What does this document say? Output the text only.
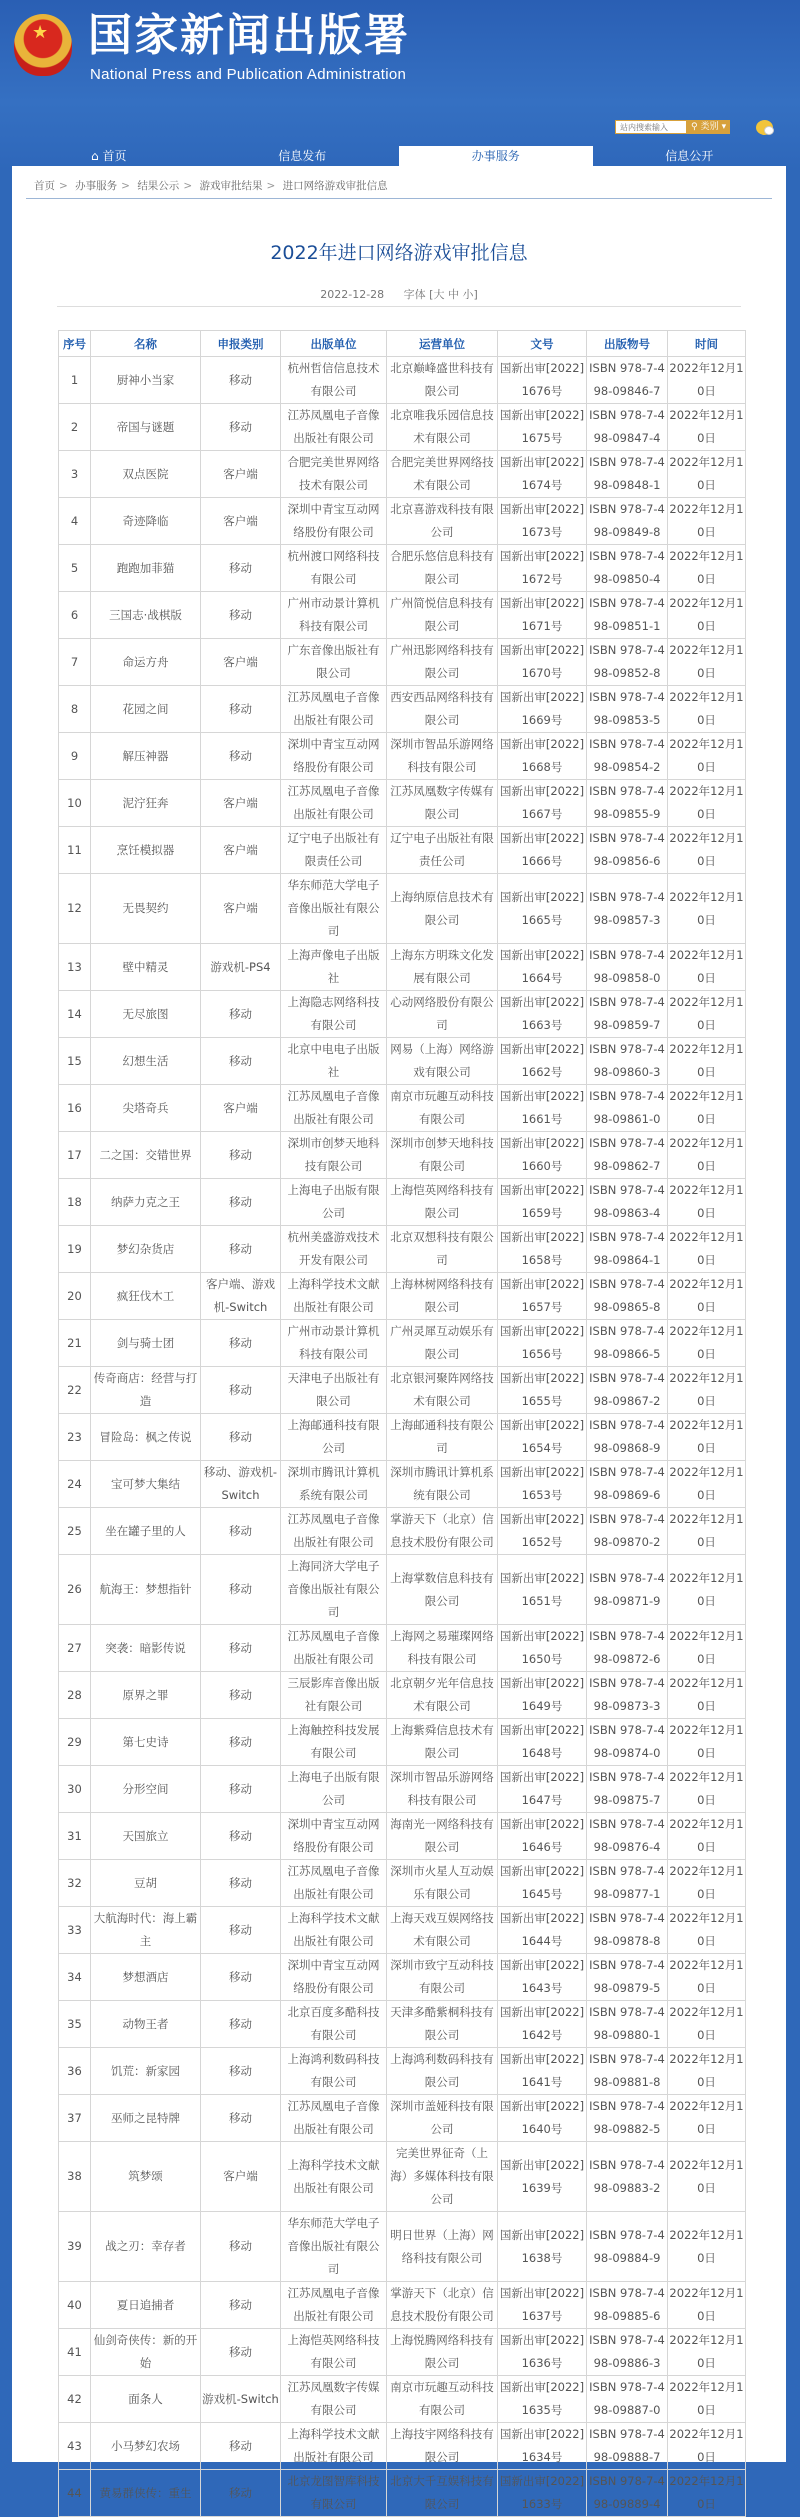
★ 国家新闻出版署
National Press and Publication Administration
站内搜索输入
⚲ 类别 ▾
⌂ 首页	信息发布	办事服务	信息公开
首页 > 办事服务 > 结果公示 > 游戏审批结果 > 进口网络游戏审批信息
2022年进口网络游戏审批信息
2022-12-28 字体 [大 中 小]
序号	名称	申报类别	出版单位	运营单位	文号	出版物号	时间
1	厨神小当家	移动	杭州哲信信息技术有限公司	北京巅峰盛世科技有限公司	国新出审[2022]1676号	ISBN 978-7-498-09846-7	2022年12月10日
2	帝国与谜题	移动	江苏凤凰电子音像出版社有限公司	北京唯我乐园信息技术有限公司	国新出审[2022]1675号	ISBN 978-7-498-09847-4	2022年12月10日
3	双点医院	客户端	合肥完美世界网络技术有限公司	合肥完美世界网络技术有限公司	国新出审[2022]1674号	ISBN 978-7-498-09848-1	2022年12月10日
4	奇迹降临	客户端	深圳中青宝互动网络股份有限公司	北京喜游戏科技有限公司	国新出审[2022]1673号	ISBN 978-7-498-09849-8	2022年12月10日
5	跑跑加菲猫	移动	杭州渡口网络科技有限公司	合肥乐悠信息科技有限公司	国新出审[2022]1672号	ISBN 978-7-498-09850-4	2022年12月10日
6	三国志·战棋版	移动	广州市动景计算机科技有限公司	广州简悦信息科技有限公司	国新出审[2022]1671号	ISBN 978-7-498-09851-1	2022年12月10日
7	命运方舟	客户端	广东音像出版社有限公司	广州迅影网络科技有限公司	国新出审[2022]1670号	ISBN 978-7-498-09852-8	2022年12月10日
8	花园之间	移动	江苏凤凰电子音像出版社有限公司	西安西品网络科技有限公司	国新出审[2022]1669号	ISBN 978-7-498-09853-5	2022年12月10日
9	解压神器	移动	深圳中青宝互动网络股份有限公司	深圳市智品乐游网络科技有限公司	国新出审[2022]1668号	ISBN 978-7-498-09854-2	2022年12月10日
10	泥泞狂奔	客户端	江苏凤凰电子音像出版社有限公司	江苏凤凰数字传媒有限公司	国新出审[2022]1667号	ISBN 978-7-498-09855-9	2022年12月10日
11	烹饪模拟器	客户端	辽宁电子出版社有限责任公司	辽宁电子出版社有限责任公司	国新出审[2022]1666号	ISBN 978-7-498-09856-6	2022年12月10日
12	无畏契约	客户端	华东师范大学电子音像出版社有限公司	上海纳原信息技术有限公司	国新出审[2022]1665号	ISBN 978-7-498-09857-3	2022年12月10日
13	壁中精灵	游戏机-PS4	上海声像电子出版社	上海东方明珠文化发展有限公司	国新出审[2022]1664号	ISBN 978-7-498-09858-0	2022年12月10日
14	无尽旅图	移动	上海隐志网络科技有限公司	心动网络股份有限公司	国新出审[2022]1663号	ISBN 978-7-498-09859-7	2022年12月10日
15	幻想生活	移动	北京中电电子出版社	网易（上海）网络游戏有限公司	国新出审[2022]1662号	ISBN 978-7-498-09860-3	2022年12月10日
16	尖塔奇兵	客户端	江苏凤凰电子音像出版社有限公司	南京市玩趣互动科技有限公司	国新出审[2022]1661号	ISBN 978-7-498-09861-0	2022年12月10日
17	二之国：交错世界	移动	深圳市创梦天地科技有限公司	深圳市创梦天地科技有限公司	国新出审[2022]1660号	ISBN 978-7-498-09862-7	2022年12月10日
18	纳萨力克之王	移动	上海电子出版有限公司	上海恺英网络科技有限公司	国新出审[2022]1659号	ISBN 978-7-498-09863-4	2022年12月10日
19	梦幻杂货店	移动	杭州美盛游戏技术开发有限公司	北京双想科技有限公司	国新出审[2022]1658号	ISBN 978-7-498-09864-1	2022年12月10日
20	疯狂伐木工	客户端、游戏机-Switch	上海科学技术文献出版社有限公司	上海林树网络科技有限公司	国新出审[2022]1657号	ISBN 978-7-498-09865-8	2022年12月10日
21	剑与骑士团	移动	广州市动景计算机科技有限公司	广州灵犀互动娱乐有限公司	国新出审[2022]1656号	ISBN 978-7-498-09866-5	2022年12月10日
22	传奇商店：经营与打造	移动	天津电子出版社有限公司	北京银河聚阵网络技术有限公司	国新出审[2022]1655号	ISBN 978-7-498-09867-2	2022年12月10日
23	冒险岛：枫之传说	移动	上海邮通科技有限公司	上海邮通科技有限公司	国新出审[2022]1654号	ISBN 978-7-498-09868-9	2022年12月10日
24	宝可梦大集结	移动、游戏机-Switch	深圳市腾讯计算机系统有限公司	深圳市腾讯计算机系统有限公司	国新出审[2022]1653号	ISBN 978-7-498-09869-6	2022年12月10日
25	坐在罐子里的人	移动	江苏凤凰电子音像出版社有限公司	掌游天下（北京）信息技术股份有限公司	国新出审[2022]1652号	ISBN 978-7-498-09870-2	2022年12月10日
26	航海王：梦想指针	移动	上海同济大学电子音像出版社有限公司	上海掌数信息科技有限公司	国新出审[2022]1651号	ISBN 978-7-498-09871-9	2022年12月10日
27	突袭：暗影传说	移动	江苏凤凰电子音像出版社有限公司	上海网之易璀璨网络科技有限公司	国新出审[2022]1650号	ISBN 978-7-498-09872-6	2022年12月10日
28	原界之罪	移动	三辰影库音像出版社有限公司	北京朝夕光年信息技术有限公司	国新出审[2022]1649号	ISBN 978-7-498-09873-3	2022年12月10日
29	第七史诗	移动	上海触控科技发展有限公司	上海紫舜信息技术有限公司	国新出审[2022]1648号	ISBN 978-7-498-09874-0	2022年12月10日
30	分形空间	移动	上海电子出版有限公司	深圳市智品乐游网络科技有限公司	国新出审[2022]1647号	ISBN 978-7-498-09875-7	2022年12月10日
31	天国旅立	移动	深圳中青宝互动网络股份有限公司	海南光一网络科技有限公司	国新出审[2022]1646号	ISBN 978-7-498-09876-4	2022年12月10日
32	豆胡	移动	江苏凤凰电子音像出版社有限公司	深圳市火星人互动娱乐有限公司	国新出审[2022]1645号	ISBN 978-7-498-09877-1	2022年12月10日
33	大航海时代：海上霸主	移动	上海科学技术文献出版社有限公司	上海天戏互娱网络技术有限公司	国新出审[2022]1644号	ISBN 978-7-498-09878-8	2022年12月10日
34	梦想酒店	移动	深圳中青宝互动网络股份有限公司	深圳市致宁互动科技有限公司	国新出审[2022]1643号	ISBN 978-7-498-09879-5	2022年12月10日
35	动物王者	移动	北京百度多酷科技有限公司	天津多酷紫桐科技有限公司	国新出审[2022]1642号	ISBN 978-7-498-09880-1	2022年12月10日
36	饥荒：新家园	移动	上海鸿利数码科技有限公司	上海鸿利数码科技有限公司	国新出审[2022]1641号	ISBN 978-7-498-09881-8	2022年12月10日
37	巫师之昆特牌	移动	江苏凤凰电子音像出版社有限公司	深圳市盖娅科技有限公司	国新出审[2022]1640号	ISBN 978-7-498-09882-5	2022年12月10日
38	筑梦颂	客户端	上海科学技术文献出版社有限公司	完美世界征奇（上海）多媒体科技有限公司	国新出审[2022]1639号	ISBN 978-7-498-09883-2	2022年12月10日
39	战之刃：幸存者	移动	华东师范大学电子音像出版社有限公司	明日世界（上海）网络科技有限公司	国新出审[2022]1638号	ISBN 978-7-498-09884-9	2022年12月10日
40	夏日追捕者	移动	江苏凤凰电子音像出版社有限公司	掌游天下（北京）信息技术股份有限公司	国新出审[2022]1637号	ISBN 978-7-498-09885-6	2022年12月10日
41	仙剑奇侠传：新的开始	移动	上海恺英网络科技有限公司	上海悦腾网络科技有限公司	国新出审[2022]1636号	ISBN 978-7-498-09886-3	2022年12月10日
42	面条人	游戏机-Switch	江苏凤凰数字传媒有限公司	南京市玩趣互动科技有限公司	国新出审[2022]1635号	ISBN 978-7-498-09887-0	2022年12月10日
43	小马梦幻农场	移动	上海科学技术文献出版社有限公司	上海技宇网络科技有限公司	国新出审[2022]1634号	ISBN 978-7-498-09888-7	2022年12月10日
44	黄易群侠传：重生	移动	北京龙图智库科技有限公司	北京大千互娱科技有限公司	国新出审[2022]1633号	ISBN 978-7-498-09889-4	2022年12月10日
